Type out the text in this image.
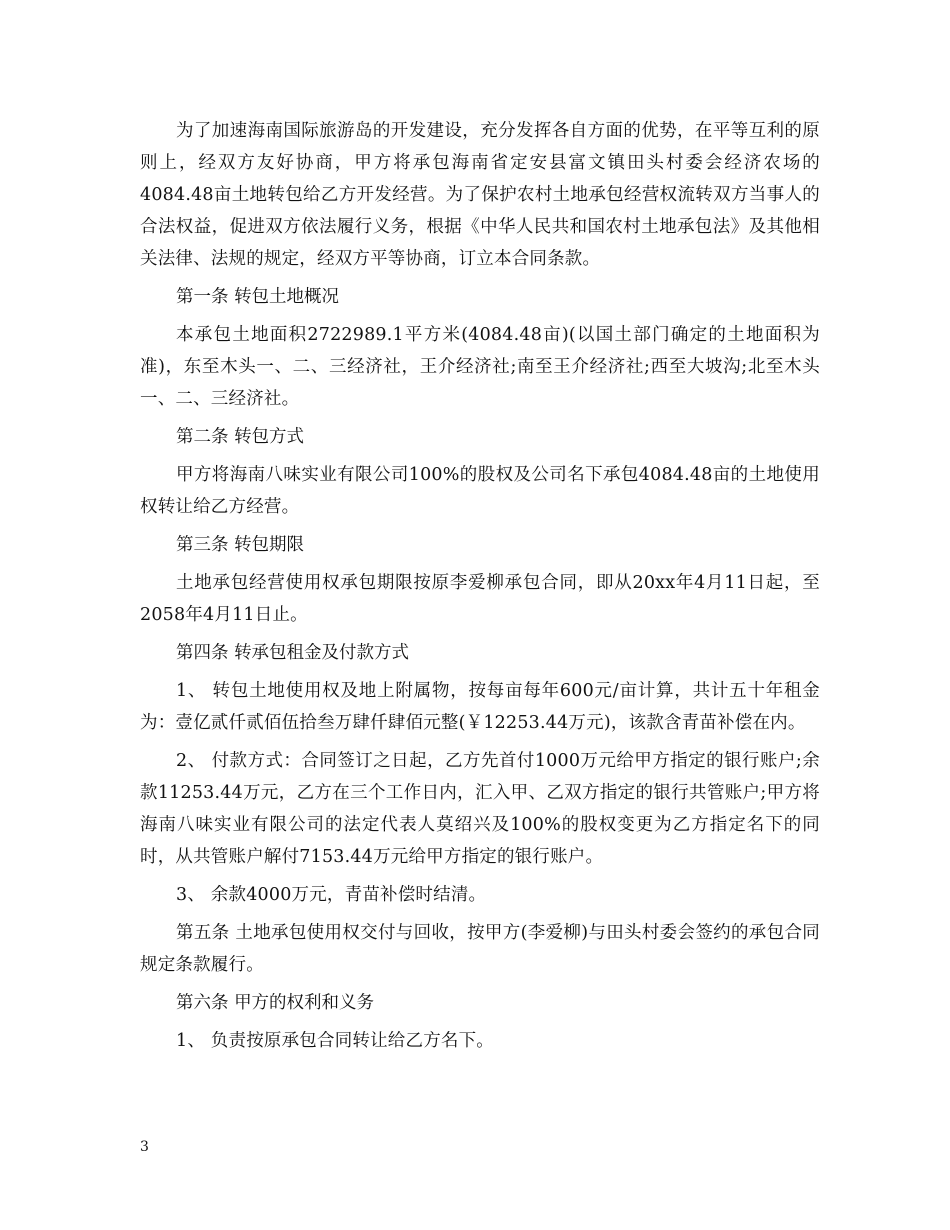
为了加速海南国际旅游岛的开发建设，充分发挥各自方面的优势，在平等互利的原则上，经双方友好协商，甲方将承包海南省定安县富文镇田头村委会经济农场的4084.48亩土地转包给乙方开发经营。为了保护农村土地承包经营权流转双方当事人的合法权益，促进双方依法履行义务，根据《中华人民共和国农村土地承包法》及其他相关法律、法规的规定，经双方平等协商，订立本合同条款。

第一条 转包土地概况

本承包土地面积2722989.1平方米(4084.48亩)(以国土部门确定的土地面积为准)，东至木头一、二、三经济社，王介经济社;南至王介经济社;西至大坡沟;北至木头一、二、三经济社。

第二条 转包方式

甲方将海南八味实业有限公司100%的股权及公司名下承包4084.48亩的土地使用权转让给乙方经营。

第三条 转包期限

土地承包经营使用权承包期限按原李爱柳承包合同，即从20xx年4月11日起，至2058年4月11日止。

第四条 转承包租金及付款方式

1、 转包土地使用权及地上附属物，按每亩每年600元/亩计算，共计五十年租金为：壹亿贰仟贰佰伍拾叁万肆仟肆佰元整(￥12253.44万元)，该款含青苗补偿在内。

2、 付款方式：合同签订之日起，乙方先首付1000万元给甲方指定的银行账户;余款11253.44万元，乙方在三个工作日内，汇入甲、乙双方指定的银行共管账户;甲方将海南八味实业有限公司的法定代表人莫绍兴及100%的股权变更为乙方指定名下的同时，从共管账户解付7153.44万元给甲方指定的银行账户。

3、 余款4000万元，青苗补偿时结清。

第五条 土地承包使用权交付与回收，按甲方(李爱柳)与田头村委会签约的承包合同规定条款履行。

第六条 甲方的权利和义务

1、 负责按原承包合同转让给乙方名下。

3
